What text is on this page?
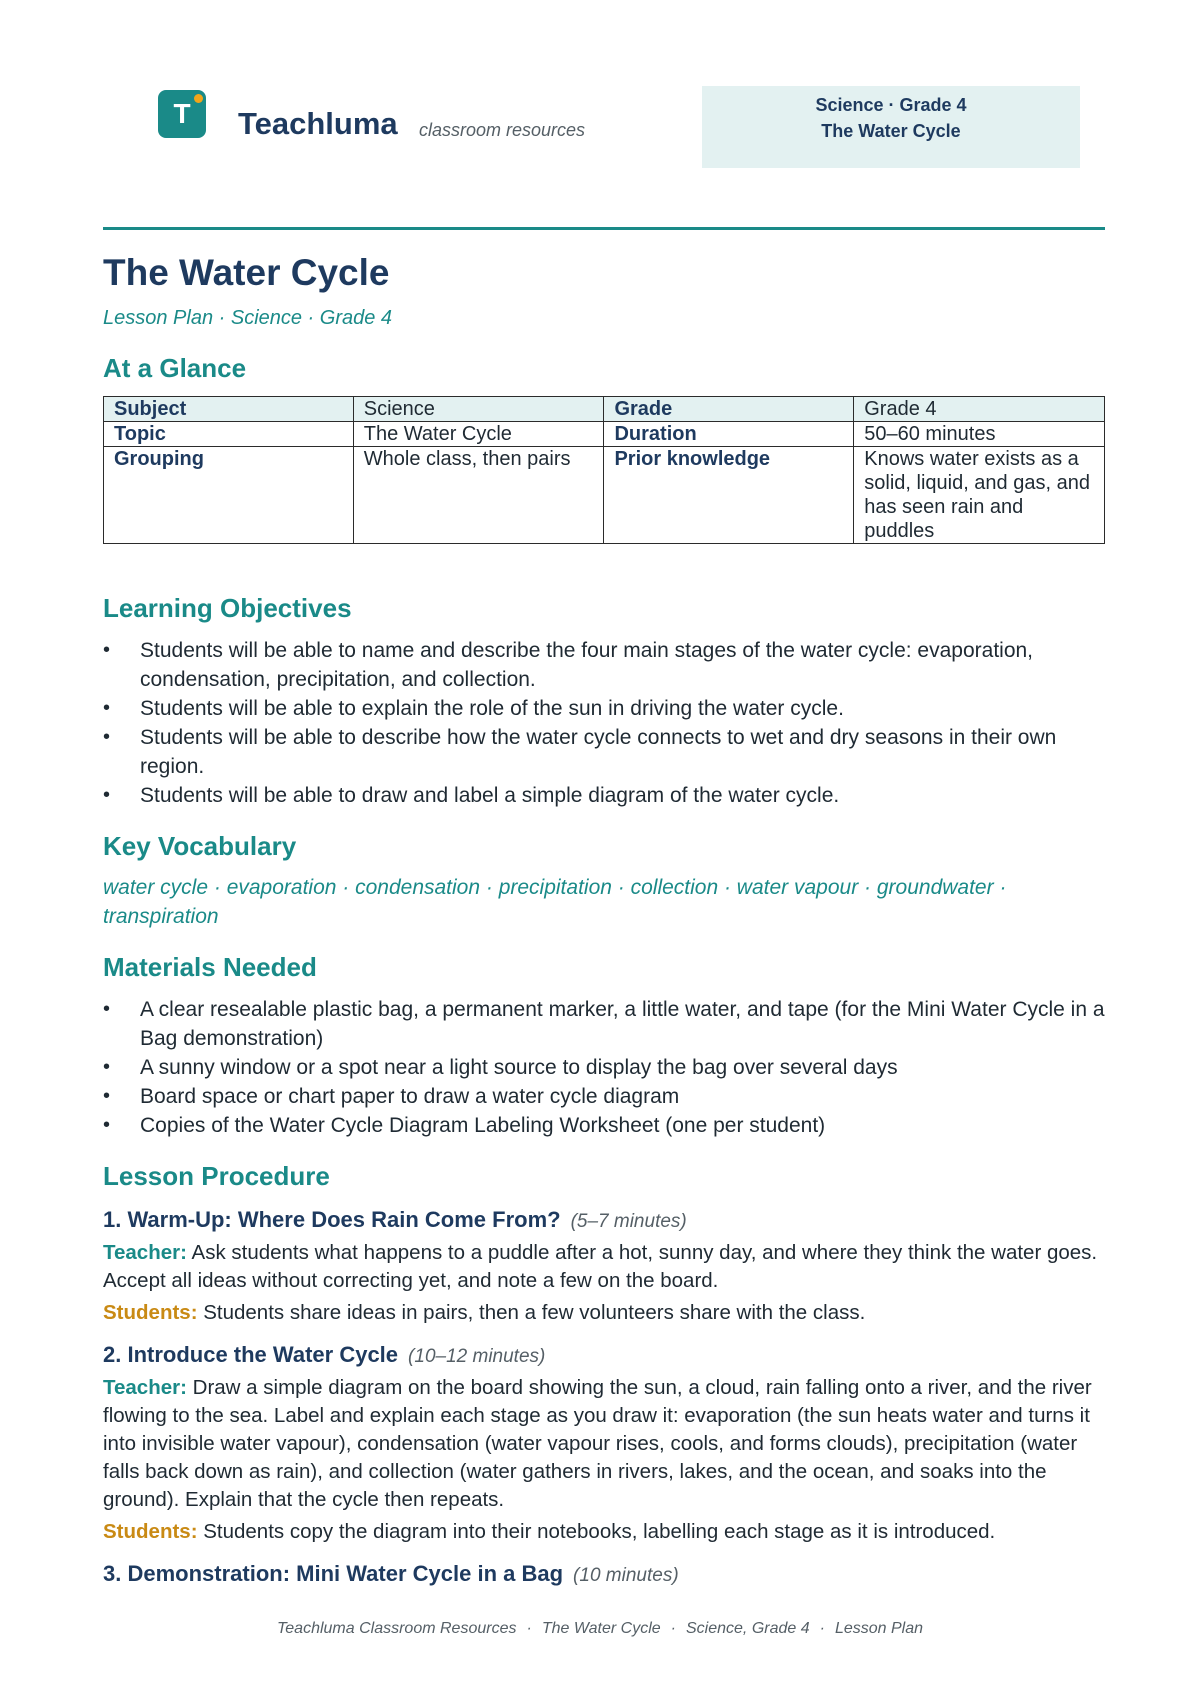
T	Teachluma classroom resources
Science · Grade 4
The Water Cycle
The Water Cycle
Lesson Plan · Science · Grade 4
At a Glance
Subject	Science	Grade	Grade 4
Topic	The Water Cycle	Duration	50–60 minutes
Grouping	Whole class, then pairs	Prior knowledge	Knows water exists as a solid, liquid, and gas, and has seen rain and puddles
Learning Objectives
• Students will be able to name and describe the four main stages of the water cycle: evaporation, condensation, precipitation, and collection.
• Students will be able to explain the role of the sun in driving the water cycle.
• Students will be able to describe how the water cycle connects to wet and dry seasons in their own region.
• Students will be able to draw and label a simple diagram of the water cycle.
Key Vocabulary
water cycle · evaporation · condensation · precipitation · collection · water vapour · groundwater · transpiration
Materials Needed
• A clear resealable plastic bag, a permanent marker, a little water, and tape (for the Mini Water Cycle in a Bag demonstration)
• A sunny window or a spot near a light source to display the bag over several days
• Board space or chart paper to draw a water cycle diagram
• Copies of the Water Cycle Diagram Labeling Worksheet (one per student)
Lesson Procedure
1. Warm-Up: Where Does Rain Come From? (5–7 minutes)
Teacher: Ask students what happens to a puddle after a hot, sunny day, and where they think the water goes. Accept all ideas without correcting yet, and note a few on the board.
Students: Students share ideas in pairs, then a few volunteers share with the class.
2. Introduce the Water Cycle (10–12 minutes)
Teacher: Draw a simple diagram on the board showing the sun, a cloud, rain falling onto a river, and the river flowing to the sea. Label and explain each stage as you draw it: evaporation (the sun heats water and turns it into invisible water vapour), condensation (water vapour rises, cools, and forms clouds), precipitation (water falls back down as rain), and collection (water gathers in rivers, lakes, and the ocean, and soaks into the ground). Explain that the cycle then repeats.
Students: Students copy the diagram into their notebooks, labelling each stage as it is introduced.
3. Demonstration: Mini Water Cycle in a Bag (10 minutes)
Teachluma Classroom Resources · The Water Cycle · Science, Grade 4 · Lesson Plan
